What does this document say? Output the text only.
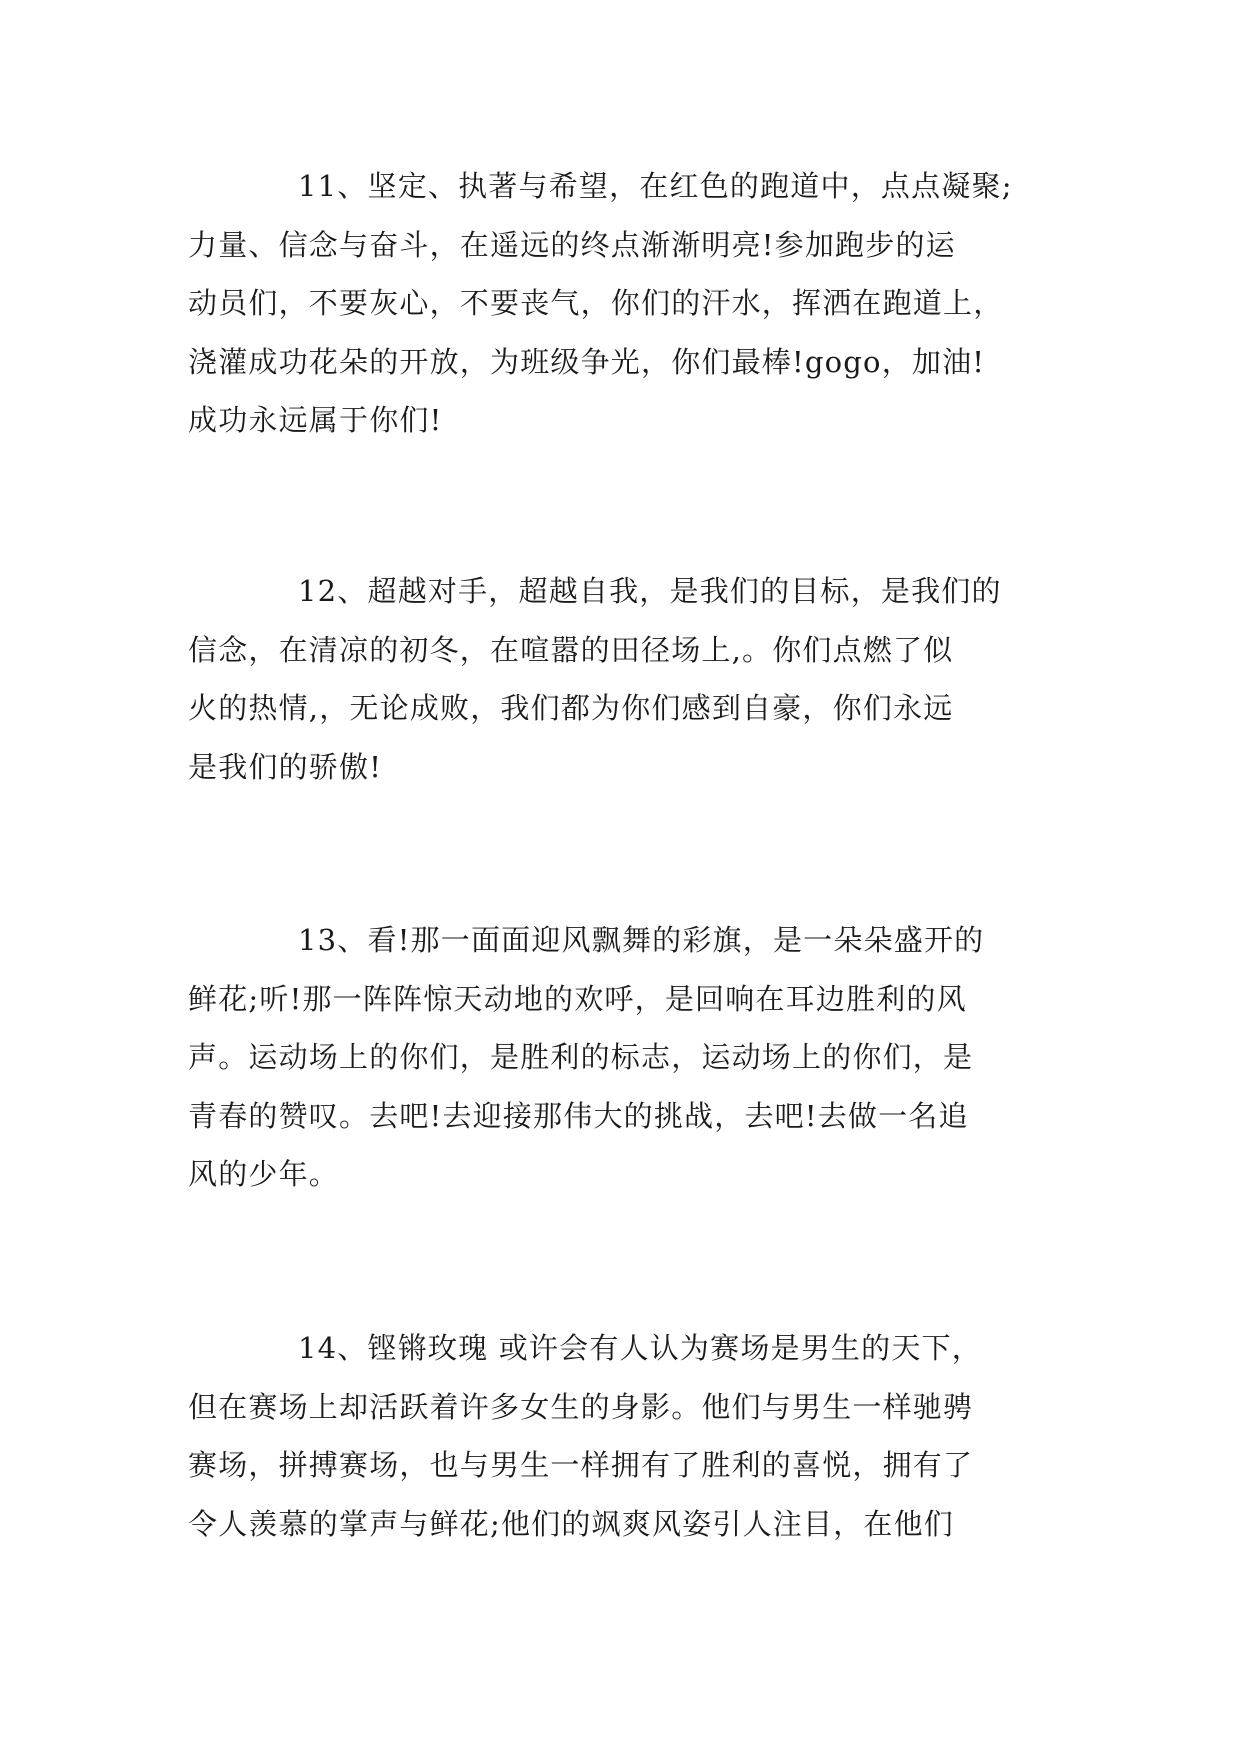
11、坚定、执著与希望，在红色的跑道中，点点凝聚;
力量、信念与奋斗，在遥远的终点渐渐明亮!参加跑步的运
动员们，不要灰心，不要丧气，你们的汗水，挥洒在跑道上，
浇灌成功花朵的开放，为班级争光，你们最棒!gogo，加油!
成功永远属于你们!
12、超越对手，超越自我，是我们的目标，是我们的
信念，在清凉的初冬，在喧嚣的田径场上,。你们点燃了似
火的热情,，无论成败，我们都为你们感到自豪，你们永远
是我们的骄傲!
13、看!那一面面迎风飘舞的彩旗，是一朵朵盛开的
鲜花;听!那一阵阵惊天动地的欢呼，是回响在耳边胜利的风
声。运动场上的你们，是胜利的标志，运动场上的你们，是
青春的赞叹。去吧!去迎接那伟大的挑战，去吧!去做一名追
风的少年。
14、铿锵玫瑰 或许会有人认为赛场是男生的天下，
但在赛场上却活跃着许多女生的身影。他们与男生一样驰骋
赛场，拼搏赛场，也与男生一样拥有了胜利的喜悦，拥有了
令人羡慕的掌声与鲜花;他们的飒爽风姿引人注目，在他们
